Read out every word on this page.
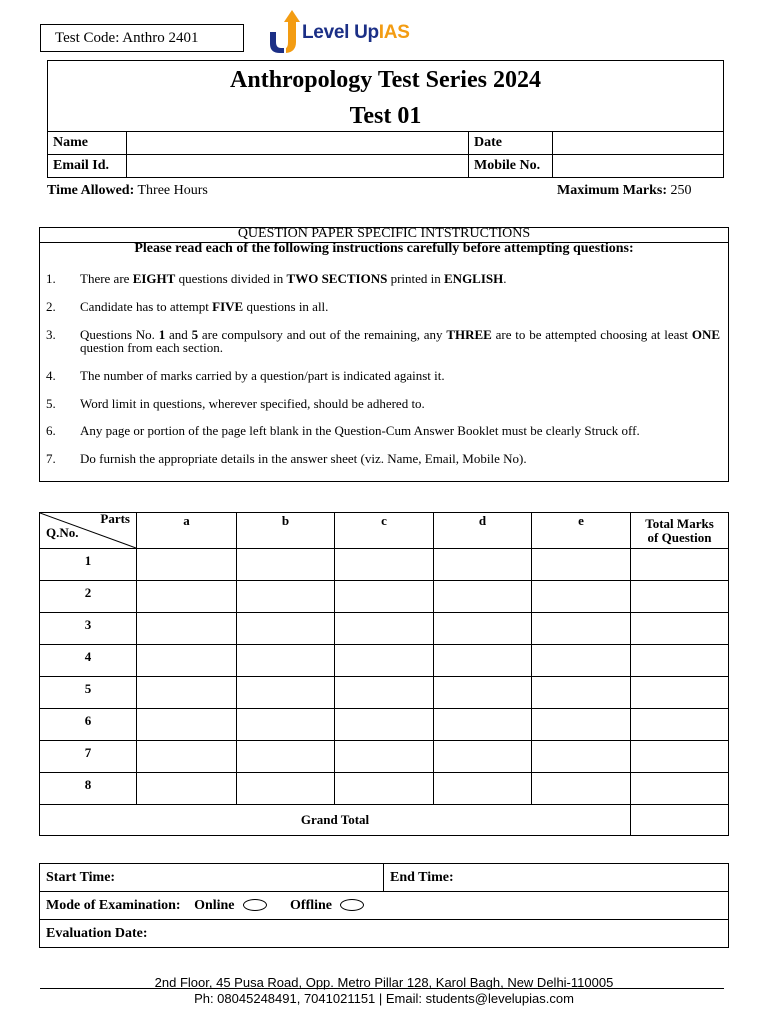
Test Code: Anthro 2401	Level UpIAS
Anthropology Test Series 2024
Test 01
Name		Date	
Email Id.		Mobile No.	
Time Allowed: Three Hours	Maximum Marks: 250
QUESTION PAPER SPECIFIC INTSTRUCTIONS
Please read each of the following instructions carefully before attempting questions:
1. There are EIGHT questions divided in TWO SECTIONS printed in ENGLISH.
2. Candidate has to attempt FIVE questions in all.
3. Questions No. 1 and 5 are compulsory and out of the remaining, any THREE are to be attempted choosing at least ONE question from each section.
4. The number of marks carried by a question/part is indicated against it.
5. Word limit in questions, wherever specified, should be adhered to.
6. Any page or portion of the page left blank in the Question-Cum Answer Booklet must be clearly Struck off.
7. Do furnish the appropriate details in the answer sheet (viz. Name, Email, Mobile No).
Parts
Q.No.	a	b	c	d	e	Total Marks
of Question
1						
2						
3						
4						
5						
6						
7						
8						
Grand Total						
Start Time:	End Time:
Mode of Examination: Online	Offline
Evaluation Date:
2nd Floor, 45 Pusa Road, Opp. Metro Pillar 128, Karol Bagh, New Delhi-110005
Ph: 08045248491, 7041021151 | Email: students@levelupias.com
